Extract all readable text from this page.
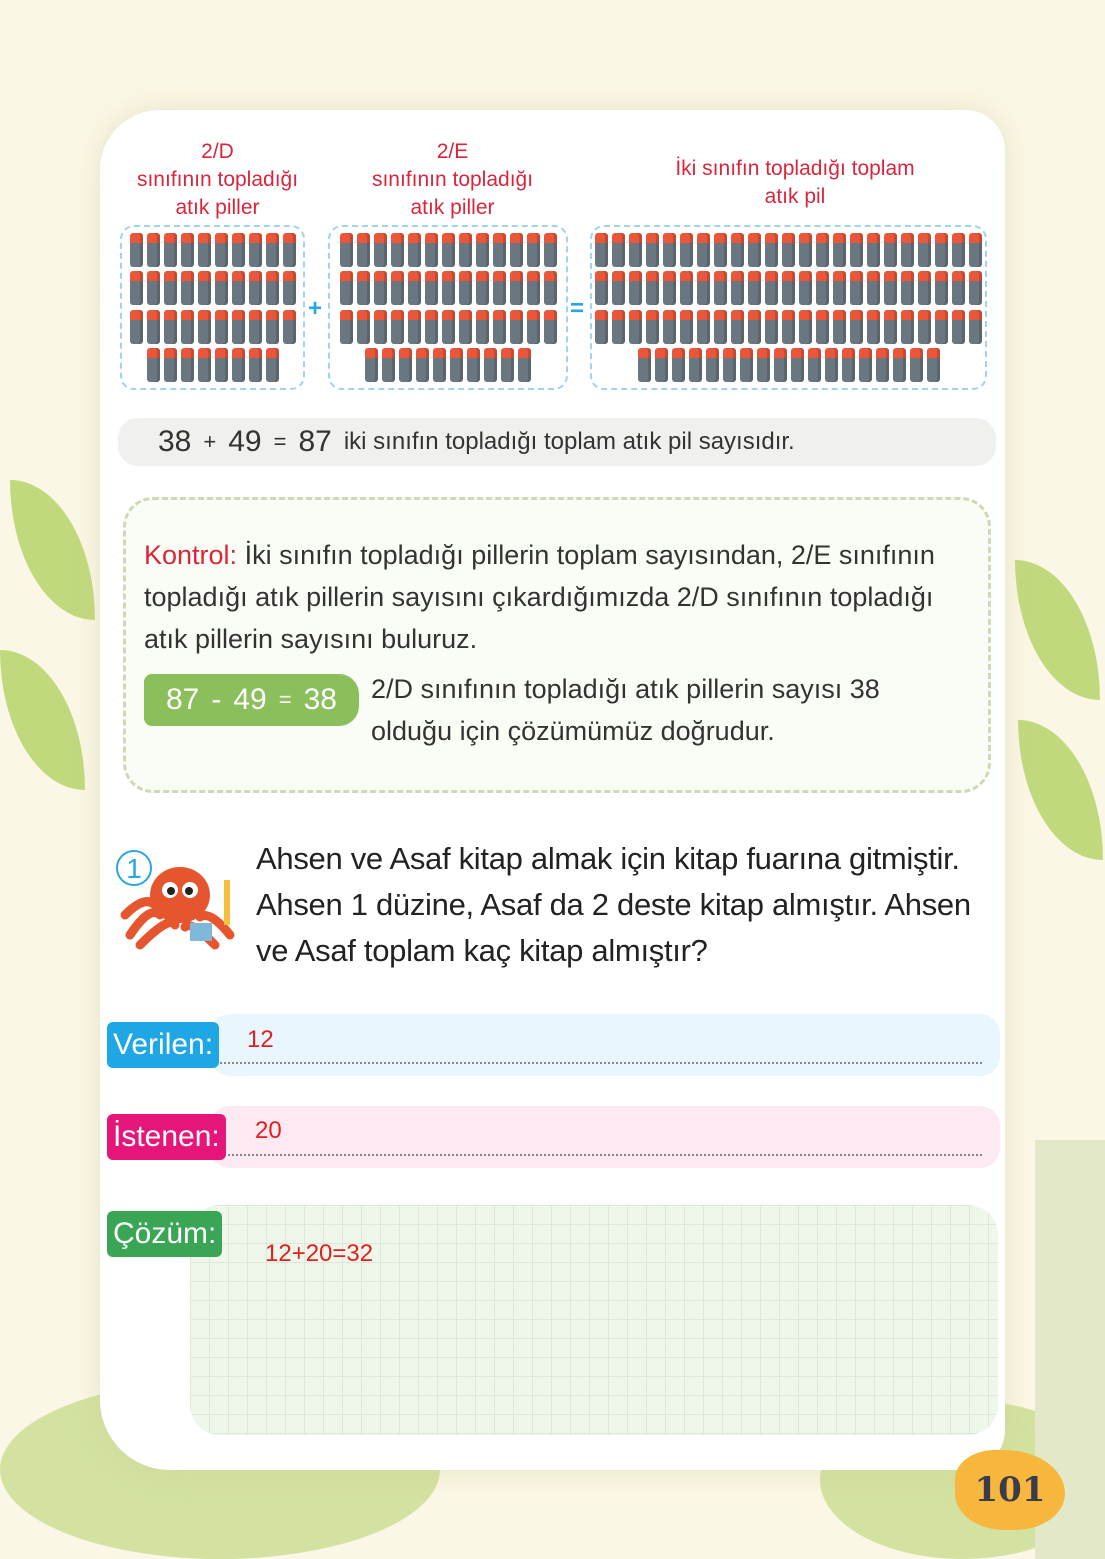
2/D
sınıfının topladığı
atık piller
2/E
sınıfının topladığı
atık piller
İki sınıfın topladığı toplam
atık pil
+	=
38 + 49 = 87 iki sınıfın topladığı toplam atık pil sayısıdır.
Kontrol: İki sınıfın topladığı pillerin toplam sayısından, 2/E sınıfının topladığı atık pillerin sayısını çıkardığımızda 2/D sınıfının topladığı atık pillerin sayısını buluruz.
87 - 49 = 38 2/D sınıfının topladığı atık pillerin sayısı 38 olduğu için çözümümüz doğrudur.
1	Ahsen ve Asaf kitap almak için kitap fuarına gitmiştir. Ahsen 1 düzine, Asaf da 2 deste kitap almıştır. Ahsen ve Asaf toplam kaç kitap almıştır?
Verilen: 12
İstenen: 20
Çözüm:
12+20=32
101
